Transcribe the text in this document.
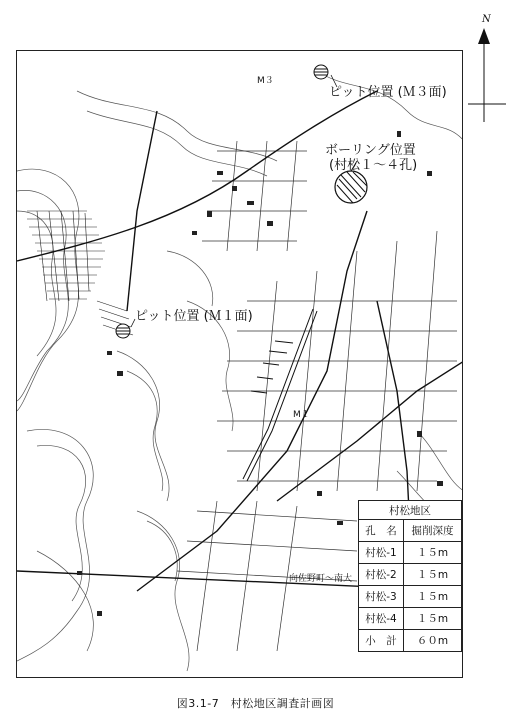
ピット位置 (Ｍ３面)
ボーリング位置
(村松１～４孔)
ピット位置 (Ｍ１面)
M３
M１
向佐野町〜南大
N
村松地区	
孔　名	掘削深度
村松-1	１５m
村松-2	１５m
村松-3	１５m
村松-4	１５m
小　計	６０m
図3.1-7　村松地区調査計画図
